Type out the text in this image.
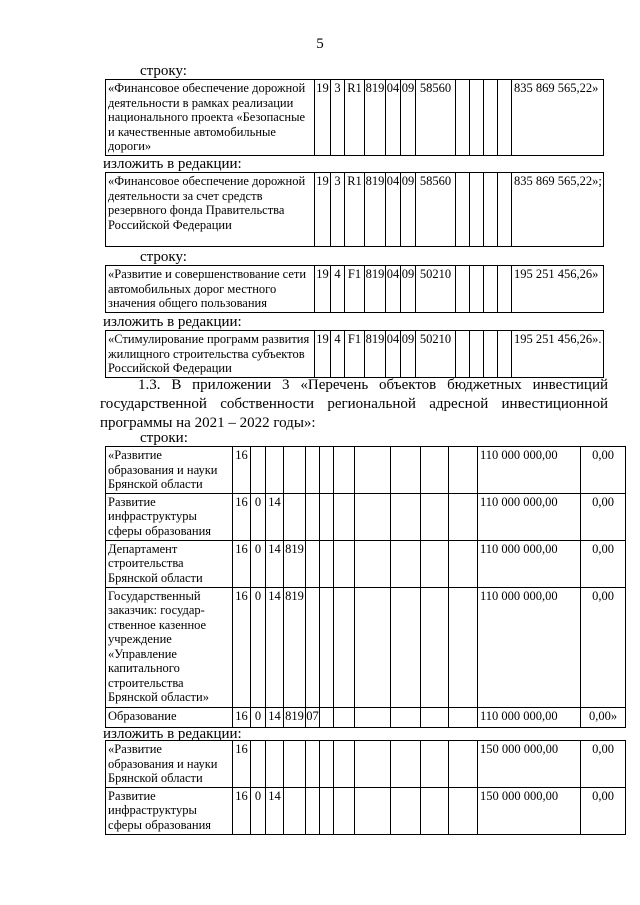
5
строку:
«Финансовое обеспечение дорожной деятельности в рамках реализации национального проекта «Безопасные и качественные автомобильные дороги»	19	3	R1	819	04	09	58560					835 869 565,22»
изложить в редакции:
«Финансовое обеспечение дорожной деятельности за счет средств резервного фонда Правительства Российской Федерации	19	3	R1	819	04	09	58560					835 869 565,22»;
строку:
«Развитие и совершенствование сети автомобильных дорог местного значения общего пользования	19	4	F1	819	04	09	50210					195 251 456,26»
изложить в редакции:
«Стимулирование программ развития жилищного строительства субъектов Российской Федерации	19	4	F1	819	04	09	50210					195 251 456,26».
1.3. В приложении 3 «Перечень объектов бюджетных инвестиций государственной собственности региональной адресной инвестиционной программы на 2021 – 2022 годы»:
строки:
«Развитие образования и науки Брянской области	16											110 000 000,00	0,00
Развитие инфраструктуры сферы образования	16	0	14									110 000 000,00	0,00
Департамент строительства Брянской области	16	0	14	819								110 000 000,00	0,00
Государственный заказчик: государ-ственное казенное учреждение «Управление капитального строительства Брянской области»	16	0	14	819								110 000 000,00	0,00
Образование	16	0	14	819	07							110 000 000,00	0,00»
изложить в редакции:
«Развитие образования и науки Брянской области	16											150 000 000,00	0,00
Развитие инфраструктуры сферы образования	16	0	14									150 000 000,00	0,00
